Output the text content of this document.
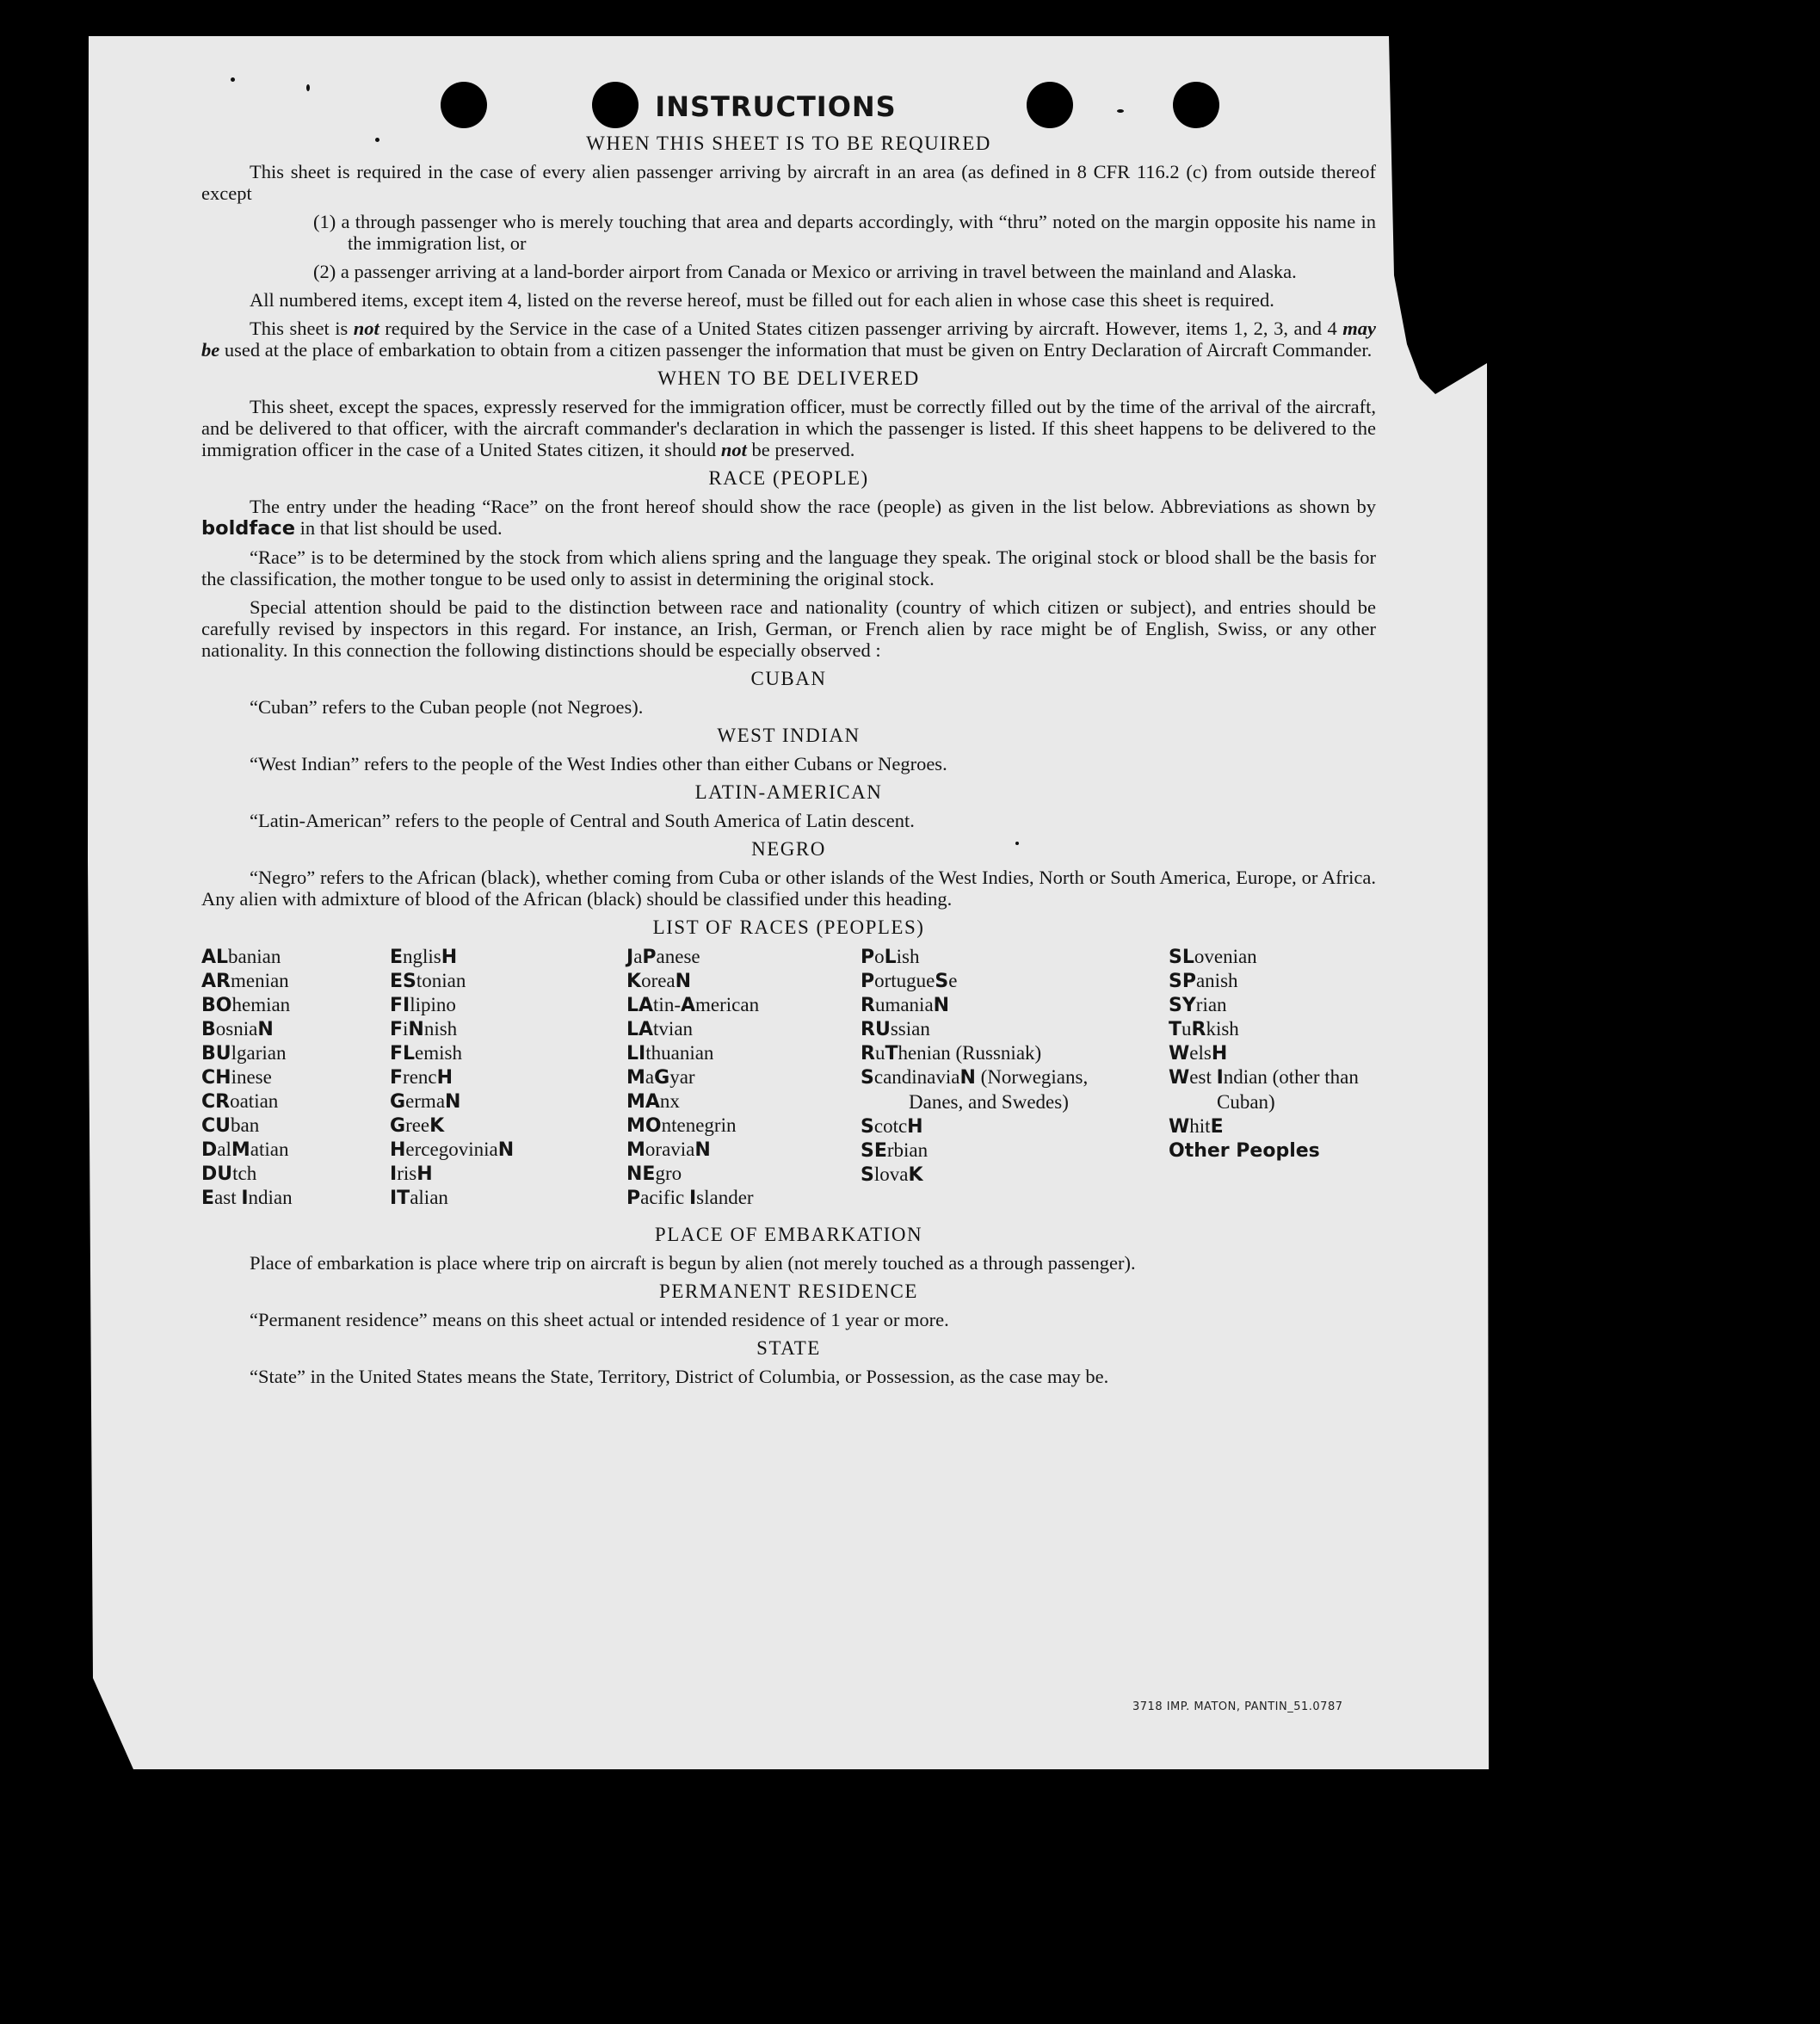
INSTRUCTIONS
WHEN THIS SHEET IS TO BE REQUIRED

This sheet is required in the case of every alien passenger arriving by aircraft in an area (as defined in 8 CFR 116.2 (c) from outside thereof except

(1) a through passenger who is merely touching that area and departs accordingly, with “thru” noted on the margin opposite his name in the immigration list, or
(2) a passenger arriving at a land-border airport from Canada or Mexico or arriving in travel between the mainland and Alaska.

All numbered items, except item 4, listed on the reverse hereof, must be filled out for each alien in whose case this sheet is required.

This sheet is not required by the Service in the case of a United States citizen passenger arriving by aircraft. However, items 1, 2, 3, and 4 may be used at the place of embarkation to obtain from a citizen passenger the information that must be given on Entry Declaration of Aircraft Commander.

WHEN TO BE DELIVERED

This sheet, except the spaces, expressly reserved for the immigration officer, must be correctly filled out by the time of the arrival of the aircraft, and be delivered to that officer, with the aircraft commander's declaration in which the passenger is listed. If this sheet happens to be delivered to the immigration officer in the case of a United States citizen, it should not be preserved.

RACE (PEOPLE)

The entry under the heading “Race” on the front hereof should show the race (people) as given in the list below. Abbreviations as shown by boldface in that list should be used.

“Race” is to be determined by the stock from which aliens spring and the language they speak. The original stock or blood shall be the basis for the classification, the mother tongue to be used only to assist in determining the original stock.

Special attention should be paid to the distinction between race and nationality (country of which citizen or subject), and entries should be carefully revised by inspectors in this regard. For instance, an Irish, German, or French alien by race might be of English, Swiss, or any other nationality. In this connection the following distinctions should be especially observed :

CUBAN

“Cuban” refers to the Cuban people (not Negroes).

WEST INDIAN

“West Indian” refers to the people of the West Indies other than either Cubans or Negroes.

LATIN-AMERICAN

“Latin-American” refers to the people of Central and South America of Latin descent.

NEGRO

“Negro” refers to the African (black), whether coming from Cuba or other islands of the West Indies, North or South America, Europe, or Africa. Any alien with admixture of blood of the African (black) should be classified under this heading.

LIST OF RACES (PEOPLES)
ALbanian
ARmenian
BOhemian
BosniaN
BUlgarian
CHinese
CRoatian
CUban
DalMatian
DUtch
East Indian
EnglisH
EStonian
FIlipino
FiNnish
FLemish
FrencH
GermaN
GreeK
HercegoviniaN
IrisH
ITalian
JaPanese
KoreaN
LAtin-American
LAtvian
LIthuanian
MaGyar
MAnx
MOntenegrin
MoraviaN
NEgro
Pacific Islander
PoLish
PortugueSe
RumaniaN
RUssian
RuThenian (Russniak)
ScandinaviaN (Norwegians, Danes, and Swedes)
ScotcH
SErbian
SlovaK
SLovenian
SPanish
SYrian
TuRkish
WelsH
West Indian (other than Cuban)
WhitE
Other Peoples
PLACE OF EMBARKATION

Place of embarkation is place where trip on aircraft is begun by alien (not merely touched as a through passenger).

PERMANENT RESIDENCE

“Permanent residence” means on this sheet actual or intended residence of 1 year or more.

STATE

“State” in the United States means the State, Territory, District of Columbia, or Possession, as the case may be.

3718 IMP. MATON, PANTIN_51.0787
